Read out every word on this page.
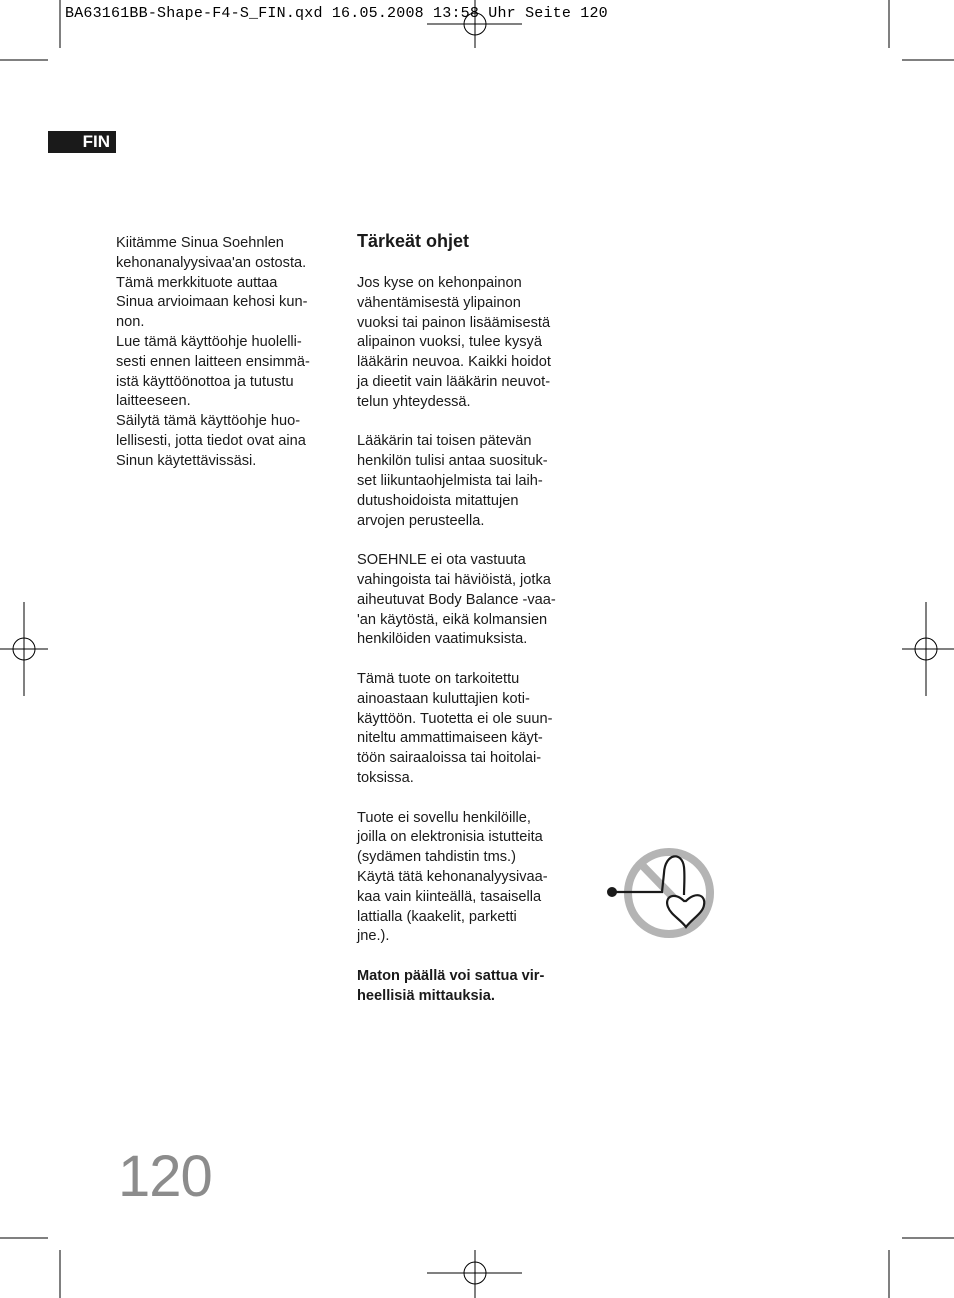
BA63161BB-Shape-F4-S_FIN.qxd 16.05.2008 13:58 Uhr Seite 120
FIN

Kiitämme Sinua Soehnlen
kehonanalyysivaa'an ostosta.
Tämä merkkituote auttaa
Sinua arvioimaan kehosi kun-
non.
Lue tämä käyttöohje huolelli-
sesti ennen laitteen ensimmä-
istä käyttöönottoa ja tutustu
laitteeseen.
Säilytä tämä käyttöohje huo-
lellisesti, jotta tiedot ovat aina
Sinun käytettävissäsi.

Tärkeät ohjet

Jos kyse on kehonpainon
vähentämisestä ylipainon
vuoksi tai painon lisäämisestä
alipainon vuoksi, tulee kysyä
lääkärin neuvoa. Kaikki hoidot
ja dieetit vain lääkärin neuvot-
telun yhteydessä.

Lääkärin tai toisen pätevän
henkilön tulisi antaa suosituk-
set liikuntaohjelmista tai laih-
dutushoidoista mitattujen
arvojen perusteella.

SOEHNLE ei ota vastuuta
vahingoista tai häviöistä, jotka
aiheutuvat Body Balance -vaa-
'an käytöstä, eikä kolmansien
henkilöiden vaatimuksista.

Tämä tuote on tarkoitettu
ainoastaan kuluttajien koti-
käyttöön. Tuotetta ei ole suun-
niteltu ammattimaiseen käyt-
töön sairaaloissa tai hoitolai-
toksissa.

Tuote ei sovellu henkilöille,
joilla on elektronisia istutteita
(sydämen tahdistin tms.)
Käytä tätä kehonanalyysivaa-
kaa vain kiinteällä, tasaisella
lattialla (kaakelit, parketti
jne.).

Maton päällä voi sattua vir-
heellisiä mittauksia.

120
